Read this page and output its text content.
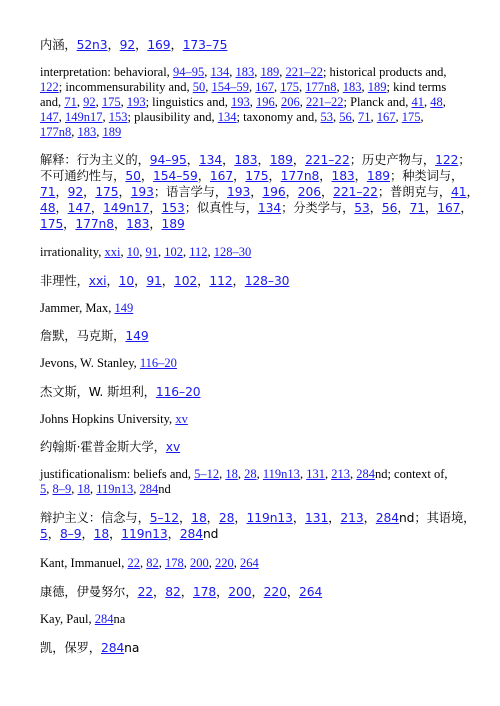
内涵，52n3，92，169，173–75
interpretation: behavioral, 94–95, 134, 183, 189, 221–22; historical products and,
122; incommensurability and, 50, 154–59, 167, 175, 177n8, 183, 189; kind terms
and, 71, 92, 175, 193; linguistics and, 193, 196, 206, 221–22; Planck and, 41, 48,
147, 149n17, 153; plausibility and, 134; taxonomy and, 53, 56, 71, 167, 175,
177n8, 183, 189
解释：行为主义的，94–95，134，183，189，221–22；历史产物与，122；
不可通约性与，50，154–59，167，175，177n8，183，189；种类词与，
71，92，175，193；语言学与，193，196，206，221–22；普朗克与，41，
48，147，149n17，153；似真性与，134；分类学与，53，56，71，167，
175，177n8，183，189
irrationality, xxi, 10, 91, 102, 112, 128–30
非理性，xxi，10，91，102，112，128–30
Jammer, Max, 149
詹默，马克斯，149
Jevons, W. Stanley, 116–20
杰文斯，W. 斯坦利，116–20
Johns Hopkins University, xv
约翰斯·霍普金斯大学，xv
justificationalism: beliefs and, 5–12, 18, 28, 119n13, 131, 213, 284nd; context of,
5, 8–9, 18, 119n13, 284nd
辩护主义：信念与，5–12，18，28，119n13，131，213，284nd；其语境，
5，8–9，18，119n13，284nd
Kant, Immanuel, 22, 82, 178, 200, 220, 264
康德，伊曼努尔，22，82，178，200，220，264
Kay, Paul, 284na
凯，保罗，284na
